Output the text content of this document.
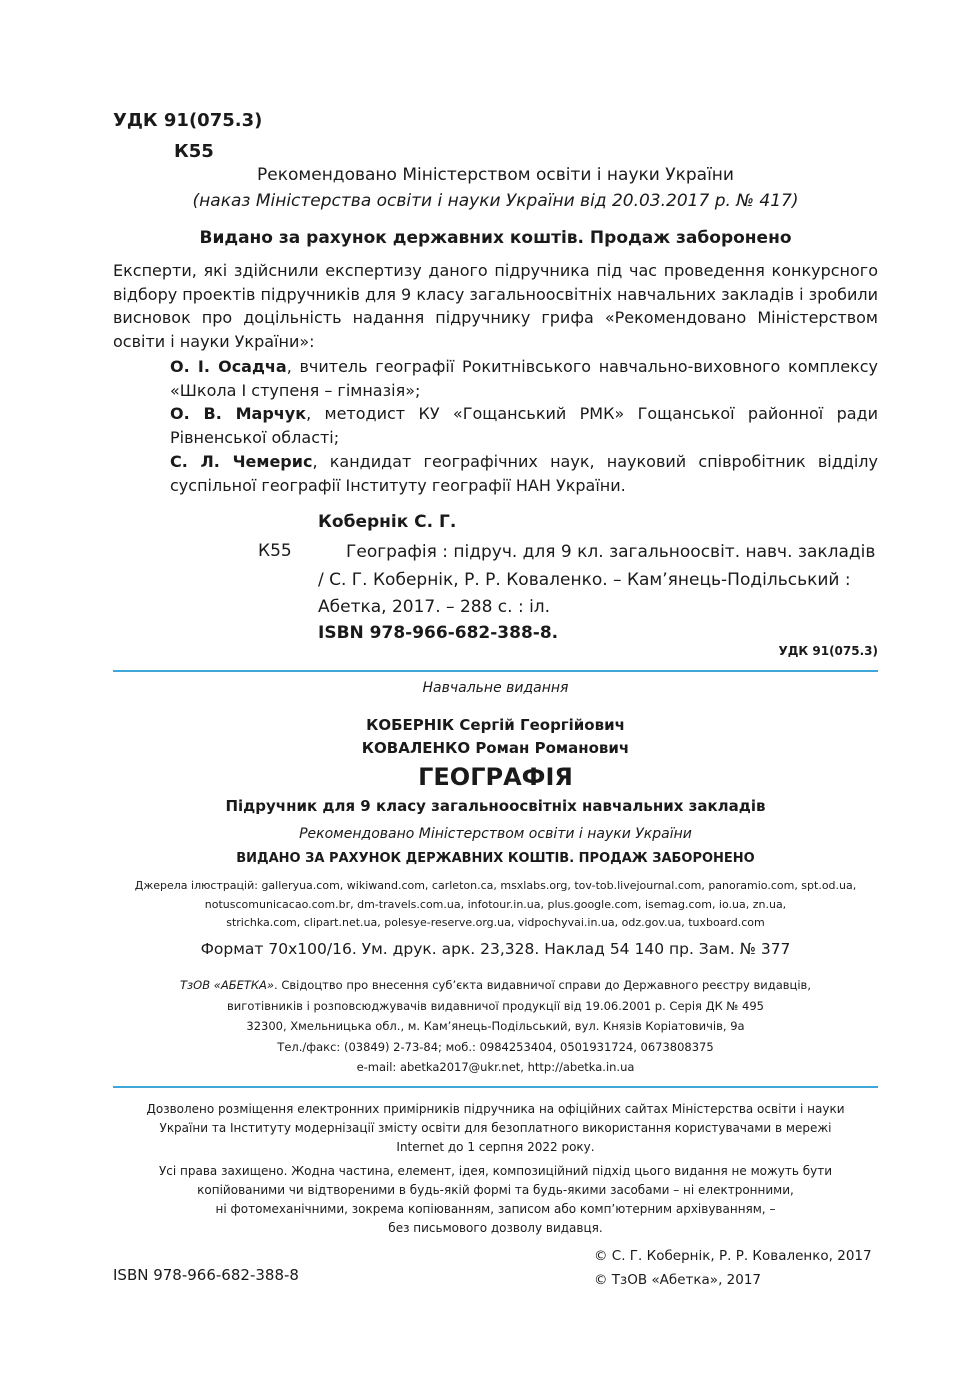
УДК 91(075.3)
К55
Рекомендовано Міністерством освіти і науки України
(наказ Міністерства освіти і науки України від 20.03.2017 р. № 417)
Видано за рахунок державних коштів. Продаж заборонено
Експерти, які здійснили експертизу даного підручника під час проведення конкурсного відбору проектів підручників для 9 класу загальноосвітніх навчальних закладів і зробили висновок про доцільність надання підручнику грифа «Рекомендовано Міністерством освіти і науки України»:
О. І. Осадча, вчитель географії Рокитнівського навчально-виховного комплексу «Школа І ступеня – гімназія»;
О. В. Марчук, методист КУ «Гощанський РМК» Гощанської районної ради Рівненської області;
С. Л. Чемерис, кандидат географічних наук, науковий співробітник відділу суспільної географії Інституту географії НАН України.
Кобернік С. Г.
К55	Географія : підруч. для 9 кл. загальноосвіт. навч. закладів
/ С. Г. Кобернік, Р. Р. Коваленко. – Кам’янець-Подільський :
Абетка, 2017. – 288 с. : іл.
ISBN 978-966-682-388-8.
УДК 91(075.3)
Навчальне видання
КОБЕРНІК Сергій Георгійович
КОВАЛЕНКО Роман Романович
ГЕОГРАФІЯ
Підручник для 9 класу загальноосвітніх навчальних закладів
Рекомендовано Міністерством освіти і науки України
ВИДАНО ЗА РАХУНОК ДЕРЖАВНИХ КОШТІВ. ПРОДАЖ ЗАБОРОНЕНО
Джерела ілюстрацій: galleryua.com, wikiwand.com, carleton.ca, msxlabs.org, tov-tob.livejournal.com, panoramio.com, spt.od.ua,
notuscomunicacao.com.br, dm-travels.com.ua, infotour.in.ua, plus.google.com, isemag.com, io.ua, zn.ua,
strichka.com, clipart.net.ua, polesye-reserve.org.ua, vidpochyvai.in.ua, odz.gov.ua, tuxboard.com
Формат 70x100/16. Ум. друк. арк. 23,328. Наклад 54 140 пр. Зам. № 377
ТзОВ «АБЕТКА». Свідоцтво про внесення суб’єкта видавничої справи до Державного реєстру видавців,
виготівників і розповсюджувачів видавничої продукції від 19.06.2001 р. Серія ДК № 495
32300, Хмельницька обл., м. Кам’янець-Подільський, вул. Князів Коріатовичів, 9а
Тел./факс: (03849) 2-73-84; моб.: 0984253404, 0501931724, 0673808375
e-mail: abetka2017@ukr.net, http://abetka.in.ua
Дозволено розміщення електронних примірників підручника на офіційних сайтах Міністерства освіти і науки
України та Інституту модернізації змісту освіти для безоплатного використання користувачами в мережі
Internet до 1 серпня 2022 року.
Усі права захищено. Жодна частина, елемент, ідея, композиційний підхід цього видання не можуть бути
копійованими чи відтвореними в будь-якій формі та будь-якими засобами – ні електронними,
ні фотомеханічними, зокрема копіюванням, записом або комп’ютерним архівуванням, –
без письмового дозволу видавця.
ISBN 978-966-682-388-8
© С. Г. Кобернік, Р. Р. Коваленко, 2017
© ТзОВ «Абетка», 2017
